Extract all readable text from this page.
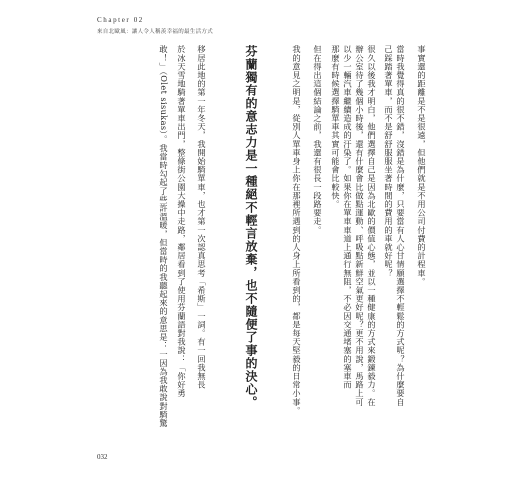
Chapter 02
來自北歐風：讓人令人稱羨幸福的最生活方式
事實還的距離是不是很遠，但他們就是不用公司付費的計程車。
當時我覺得真的很不錯，沒錯是為什麼，只要當有人心甘情願選擇不輕鬆的方式呢？為什麼要自
己踩踏著單車，而不是舒舒服服坐著時間的費用的車就好呢？
很久以後我才明白，他們選擇自己是因為北歐的價值心態，並以一種健康的方式來鍛鍊毅力。在
辦公室待了幾個小時後，還有什麼會比做點運動、呼吸點新鮮空氣更好呢？更不用說，馬路上可
以少一輛汽車繼續造成的汙染了。如果你在單車車道上通行無阻，不必因交通堵塞的塞車而
那麼有時候選擇騎單車其實可能會比較快。
但在得出這個結論之前，我還有很長一段路要走。
我的意見之明是，從別人單車身上你在那裡所遇到的人身上所看到的，都是每天堅毅的日常小事。
芬蘭獨有的意志力是一種絕不輕言放棄，也不隨便了事的決心。
移居此地的第一年冬天，我開始騎單車，也才第一次認真思考「希斯」一詞。有一回我無長
於冰天雪地騎著單車出門，整條街公園大操中走路，鄰居看到了使用芬蘭語對我說：「你好勇
敢！」（Olet sisukas）。我當時勾起了些許溫暖，但當時的我聽起來的意思是：一因為我敢說對騎驚
032
